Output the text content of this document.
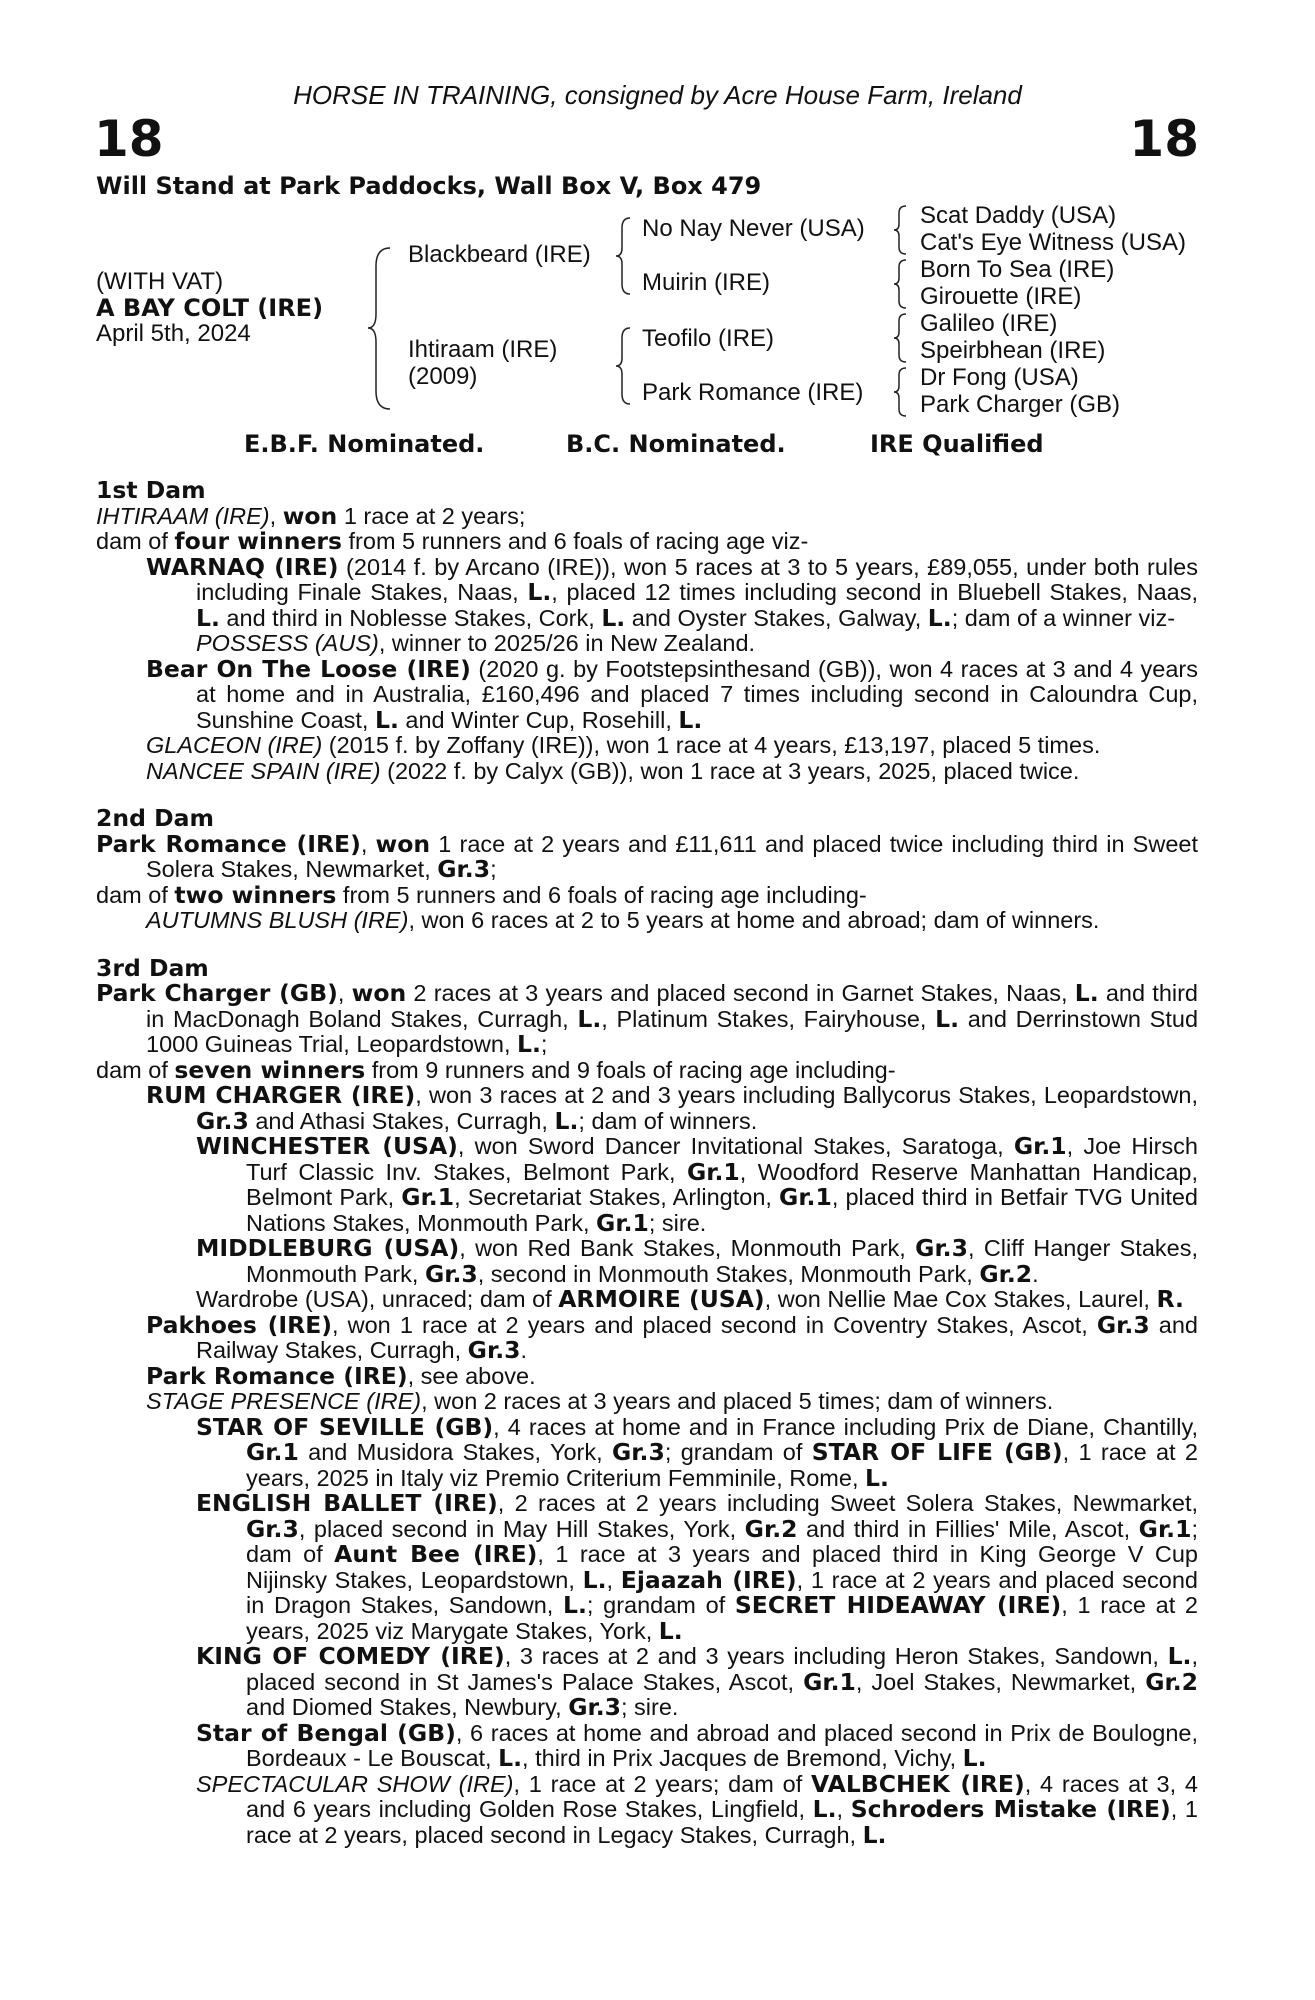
HORSE IN TRAINING, consigned by Acre House Farm, Ireland
18	18
Will Stand at Park Paddocks, Wall Box V, Box 479
(WITH VAT)
A BAY COLT (IRE)
April 5th, 2024
Blackbeard (IRE)
Ihtiraam (IRE)
(2009)
No Nay Never (USA)
Muirin (IRE)
Teofilo (IRE)
Park Romance (IRE)
Scat Daddy (USA)
Cat's Eye Witness (USA)
Born To Sea (IRE)
Girouette (IRE)
Galileo (IRE)
Speirbhean (IRE)
Dr Fong (USA)
Park Charger (GB)
E.B.F. Nominated.	B.C. Nominated.	IRE Qualified

1st Dam

IHTIRAAM (IRE), won 1 race at 2 years;

dam of four winners from 5 runners and 6 foals of racing age viz-

WARNAQ (IRE) (2014 f. by Arcano (IRE)), won 5 races at 3 to 5 years, £89,055, under both rules including Finale Stakes, Naas, L., placed 12 times including second in Bluebell Stakes, Naas, L. and third in Noblesse Stakes, Cork, L. and Oyster Stakes, Galway, L.; dam of a winner viz-

POSSESS (AUS), winner to 2025/26 in New Zealand.

Bear On The Loose (IRE) (2020 g. by Footstepsinthesand (GB)), won 4 races at 3 and 4 years at home and in Australia, £160,496 and placed 7 times including second in Caloundra Cup, Sunshine Coast, L. and Winter Cup, Rosehill, L.

GLACEON (IRE) (2015 f. by Zoffany (IRE)), won 1 race at 4 years, £13,197, placed 5 times.

NANCEE SPAIN (IRE) (2022 f. by Calyx (GB)), won 1 race at 3 years, 2025, placed twice.

2nd Dam

Park Romance (IRE), won 1 race at 2 years and £11,611 and placed twice including third in Sweet Solera Stakes, Newmarket, Gr.3;

dam of two winners from 5 runners and 6 foals of racing age including-

AUTUMNS BLUSH (IRE), won 6 races at 2 to 5 years at home and abroad; dam of winners.

3rd Dam

Park Charger (GB), won 2 races at 3 years and placed second in Garnet Stakes, Naas, L. and third in MacDonagh Boland Stakes, Curragh, L., Platinum Stakes, Fairyhouse, L. and Derrinstown Stud 1000 Guineas Trial, Leopardstown, L.;

dam of seven winners from 9 runners and 9 foals of racing age including-

RUM CHARGER (IRE), won 3 races at 2 and 3 years including Ballycorus Stakes, Leopardstown, Gr.3 and Athasi Stakes, Curragh, L.; dam of winners.

WINCHESTER (USA), won Sword Dancer Invitational Stakes, Saratoga, Gr.1, Joe Hirsch Turf Classic Inv. Stakes, Belmont Park, Gr.1, Woodford Reserve Manhattan Handicap, Belmont Park, Gr.1, Secretariat Stakes, Arlington, Gr.1, placed third in Betfair TVG United Nations Stakes, Monmouth Park, Gr.1; sire.

MIDDLEBURG (USA), won Red Bank Stakes, Monmouth Park, Gr.3, Cliff Hanger Stakes, Monmouth Park, Gr.3, second in Monmouth Stakes, Monmouth Park, Gr.2.

Wardrobe (USA), unraced; dam of ARMOIRE (USA), won Nellie Mae Cox Stakes, Laurel, R.

Pakhoes (IRE), won 1 race at 2 years and placed second in Coventry Stakes, Ascot, Gr.3 and Railway Stakes, Curragh, Gr.3.

Park Romance (IRE), see above.

STAGE PRESENCE (IRE), won 2 races at 3 years and placed 5 times; dam of winners.

STAR OF SEVILLE (GB), 4 races at home and in France including Prix de Diane, Chantilly, Gr.1 and Musidora Stakes, York, Gr.3; grandam of STAR OF LIFE (GB), 1 race at 2 years, 2025 in Italy viz Premio Criterium Femminile, Rome, L.

ENGLISH BALLET (IRE), 2 races at 2 years including Sweet Solera Stakes, Newmarket, Gr.3, placed second in May Hill Stakes, York, Gr.2 and third in Fillies' Mile, Ascot, Gr.1; dam of Aunt Bee (IRE), 1 race at 3 years and placed third in King George V Cup Nijinsky Stakes, Leopardstown, L., Ejaazah (IRE), 1 race at 2 years and placed second in Dragon Stakes, Sandown, L.; grandam of SECRET HIDEAWAY (IRE), 1 race at 2 years, 2025 viz Marygate Stakes, York, L.

KING OF COMEDY (IRE), 3 races at 2 and 3 years including Heron Stakes, Sandown, L., placed second in St James's Palace Stakes, Ascot, Gr.1, Joel Stakes, Newmarket, Gr.2 and Diomed Stakes, Newbury, Gr.3; sire.

Star of Bengal (GB), 6 races at home and abroad and placed second in Prix de Boulogne, Bordeaux - Le Bouscat, L., third in Prix Jacques de Bremond, Vichy, L.

SPECTACULAR SHOW (IRE), 1 race at 2 years; dam of VALBCHEK (IRE), 4 races at 3, 4 and 6 years including Golden Rose Stakes, Lingfield, L., Schroders Mistake (IRE), 1 race at 2 years, placed second in Legacy Stakes, Curragh, L.
